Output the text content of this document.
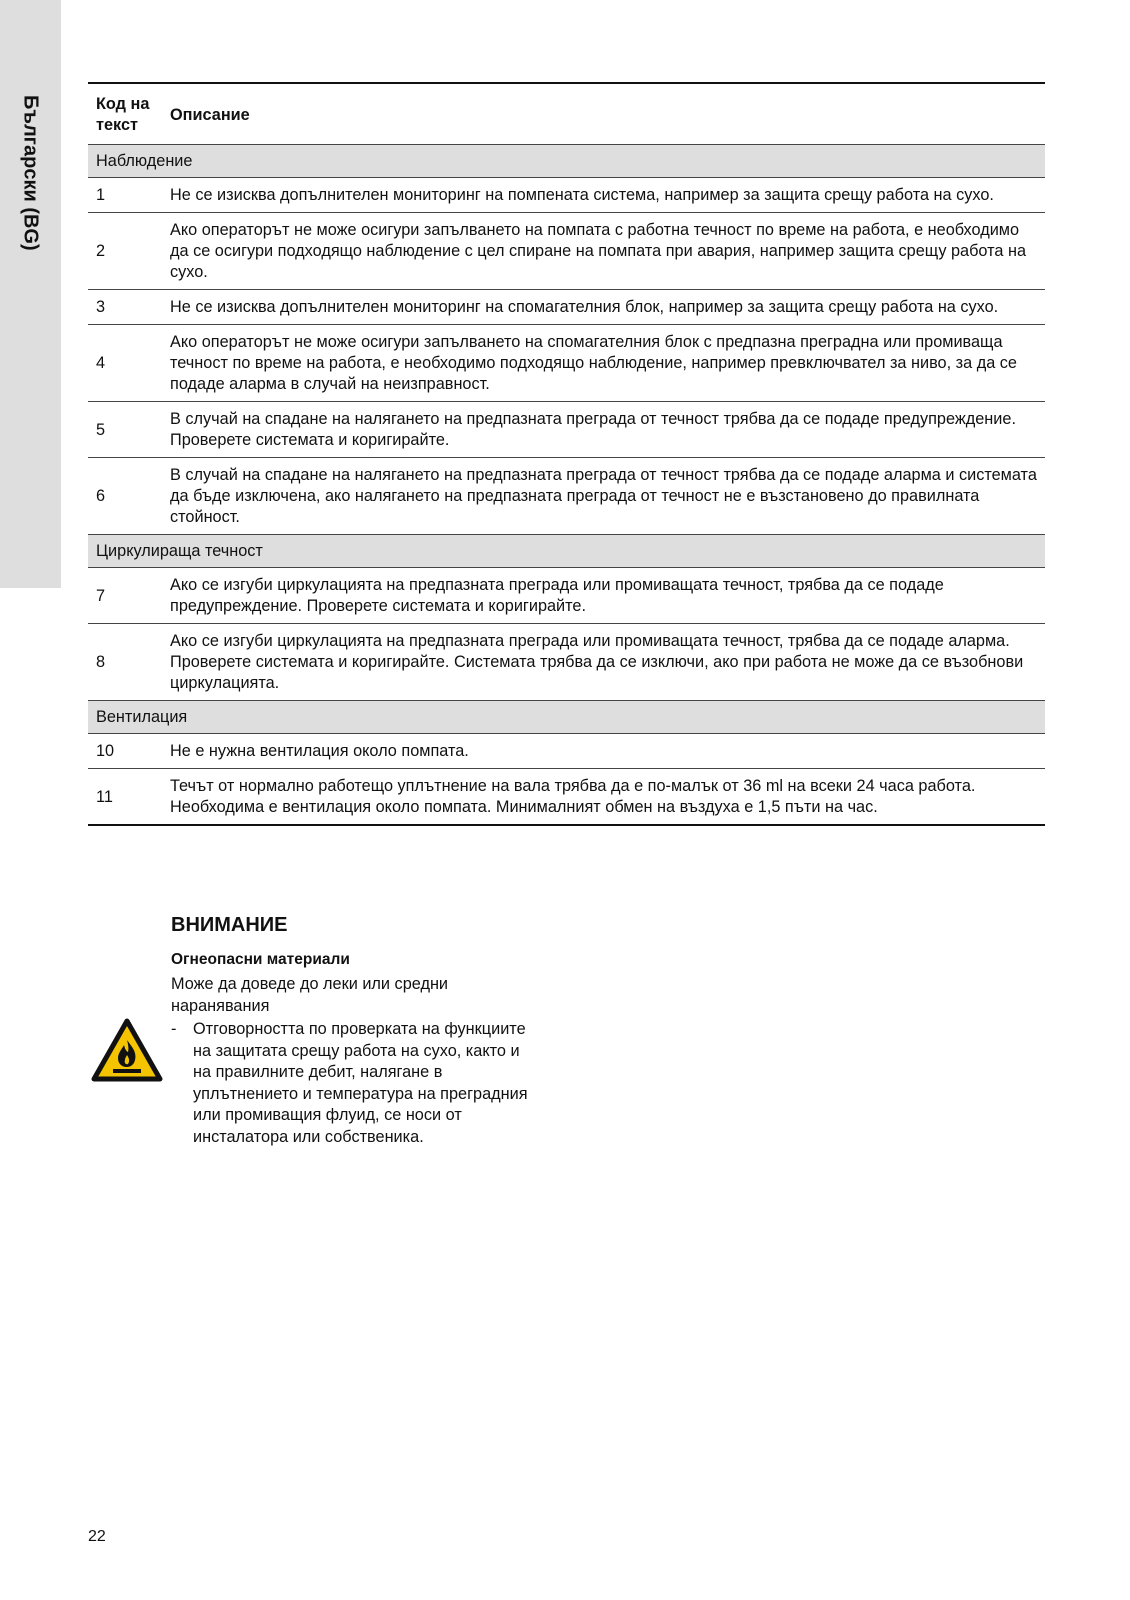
Български (BG)	Код на текст	Описание
Наблюдение	
1	Не се изисква допълнителен мониторинг на помпената система, например за защита срещу работа на сухо.
2	Ако операторът не може осигури запълването на помпата с работна течност по време на работа, е необходимо да се осигури подходящо наблюдение с цел спиране на помпата при авария, например защита срещу работа на сухо.
3	Не се изисква допълнителен мониторинг на спомагателния блок, например за защита срещу работа на сухо.
4	Ако операторът не може осигури запълването на спомагателния блок с предпазна преградна или промиваща течност по време на работа, е необходимо подходящо наблюдение, например превключвател за ниво, за да се подаде аларма в случай на неизправност.
5	В случай на спадане на налягането на предпазната преграда от течност трябва да се подаде предупреждение. Проверете системата и коригирайте.
6	В случай на спадане на налягането на предпазната преграда от течност трябва да се подаде аларма и системата да бъде изключена, ако налягането на предпазната преграда от течност не е възстановено до правилната стойност.
Циркулираща течност	
7	Ако се изгуби циркулацията на предпазната преграда или промиващата течност, трябва да се подаде предупреждение. Проверете системата и коригирайте.
8	Ако се изгуби циркулацията на предпазната преграда или промиващата течност, трябва да се подаде аларма. Проверете системата и коригирайте. Системата трябва да се изключи, ако при работа не може да се възобнови циркулацията.
Вентилация	
10	Не е нужна вентилация около помпата.
11	Течът от нормално работещо уплътнение на вала трябва да е по-малък от 36 ml на всеки 24 часа работа. Необходима е вентилация около помпата. Минималният обмен на въздуха е 1,5 пъти на час.
ВНИМАНИЕ
Огнеопасни материали
Може да доведе до леки или средни наранявания
- Отговорността по проверката на функциите на защитата срещу работа на сухо, както и на правилните дебит, налягане в уплътнението и температура на преградния или промиващия флуид, се носи от инсталатора или собственика.
22
